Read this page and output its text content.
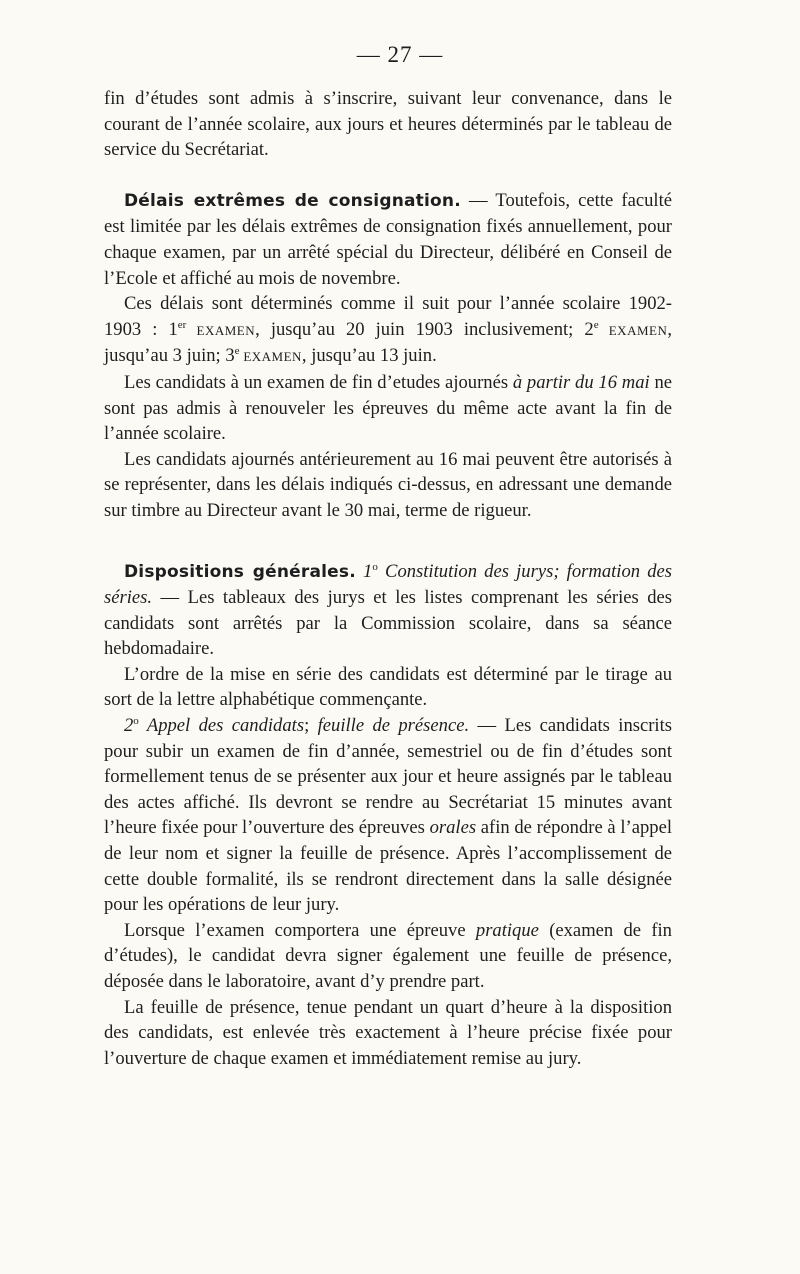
— 27 —

fin d’études sont admis à s’inscrire, suivant leur convenance, dans le courant de l’année scolaire, aux jours et heures déterminés par le tableau de service du Secrétariat.

Délais extrêmes de consignation. — Toutefois, cette faculté est limitée par les délais extrêmes de consignation fixés annuellement, pour chaque examen, par un arrêté spécial du Directeur, délibéré en Conseil de l’Ecole et affiché au mois de novembre.

Ces délais sont déterminés comme il suit pour l’année scolaire 1902-1903 : 1er EXAMEN, jusqu’au 20 juin 1903 inclusivement; 2e EXAMEN, jusqu’au 3 juin; 3e EXAMEN, jusqu’au 13 juin.

Les candidats à un examen de fin d’etudes ajournés à partir du 16 mai ne sont pas admis à renouveler les épreuves du même acte avant la fin de l’année scolaire.

Les candidats ajournés antérieurement au 16 mai peuvent être autorisés à se représenter, dans les délais indiqués ci-dessus, en adressant une demande sur timbre au Directeur avant le 30 mai, terme de rigueur.

Dispositions générales. 1$^o$ Constitution des jurys; formation des séries. — Les tableaux des jurys et les listes comprenant les séries des candidats sont arrêtés par la Commission scolaire, dans sa séance hebdomadaire.

L’ordre de la mise en série des candidats est déterminé par le tirage au sort de la lettre alphabétique commençante.

2$^o$ Appel des candidats; feuille de présence. — Les candidats inscrits pour subir un examen de fin d’année, semestriel ou de fin d’études sont formellement tenus de se présenter aux jour et heure assignés par le tableau des actes affiché. Ils devront se rendre au Secrétariat 15 minutes avant l’heure fixée pour l’ouverture des épreuves orales afin de répondre à l’appel de leur nom et signer la feuille de présence. Après l’accomplissement de cette double formalité, ils se rendront directement dans la salle désignée pour les opérations de leur jury.

Lorsque l’examen comportera une épreuve pratique (examen de fin d’études), le candidat devra signer également une feuille de présence, déposée dans le laboratoire, avant d’y prendre part.

La feuille de présence, tenue pendant un quart d’heure à la disposition des candidats, est enlevée très exactement à l’heure précise fixée pour l’ouverture de chaque examen et immédiatement remise au jury.
